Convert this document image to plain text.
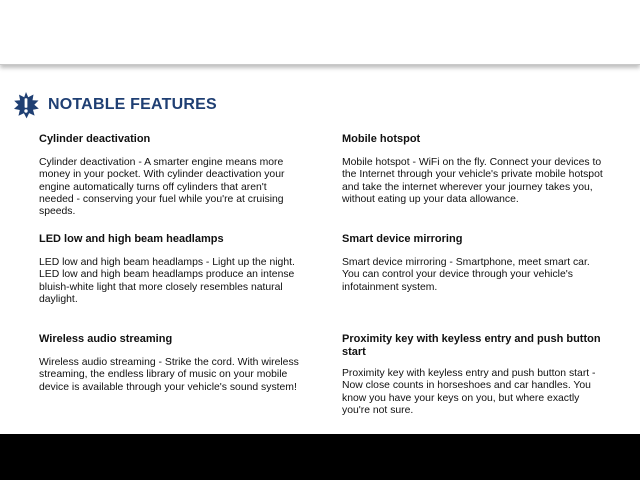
NOTABLE FEATURES

Cylinder deactivation

Cylinder deactivation - A smarter engine means more money in your pocket. With cylinder deactivation your engine automatically turns off cylinders that aren't needed - conserving your fuel while you're at cruising speeds.

LED low and high beam headlamps

LED low and high beam headlamps - Light up the night. LED low and high beam headlamps produce an intense bluish-white light that more closely resembles natural daylight.

Wireless audio streaming

Wireless audio streaming - Strike the cord. With wireless streaming, the endless library of music on your mobile device is available through your vehicle's sound system!

Mobile hotspot

Mobile hotspot - WiFi on the fly. Connect your devices to the Internet through your vehicle's private mobile hotspot and take the internet wherever your journey takes you, without eating up your data allowance.

Smart device mirroring

Smart device mirroring - Smartphone, meet smart car. You can control your device through your vehicle's infotainment system.

Proximity key with keyless entry and push button start

Proximity key with keyless entry and push button start - Now close counts in horseshoes and car handles. You know you have your keys on you, but where exactly you're not sure.
